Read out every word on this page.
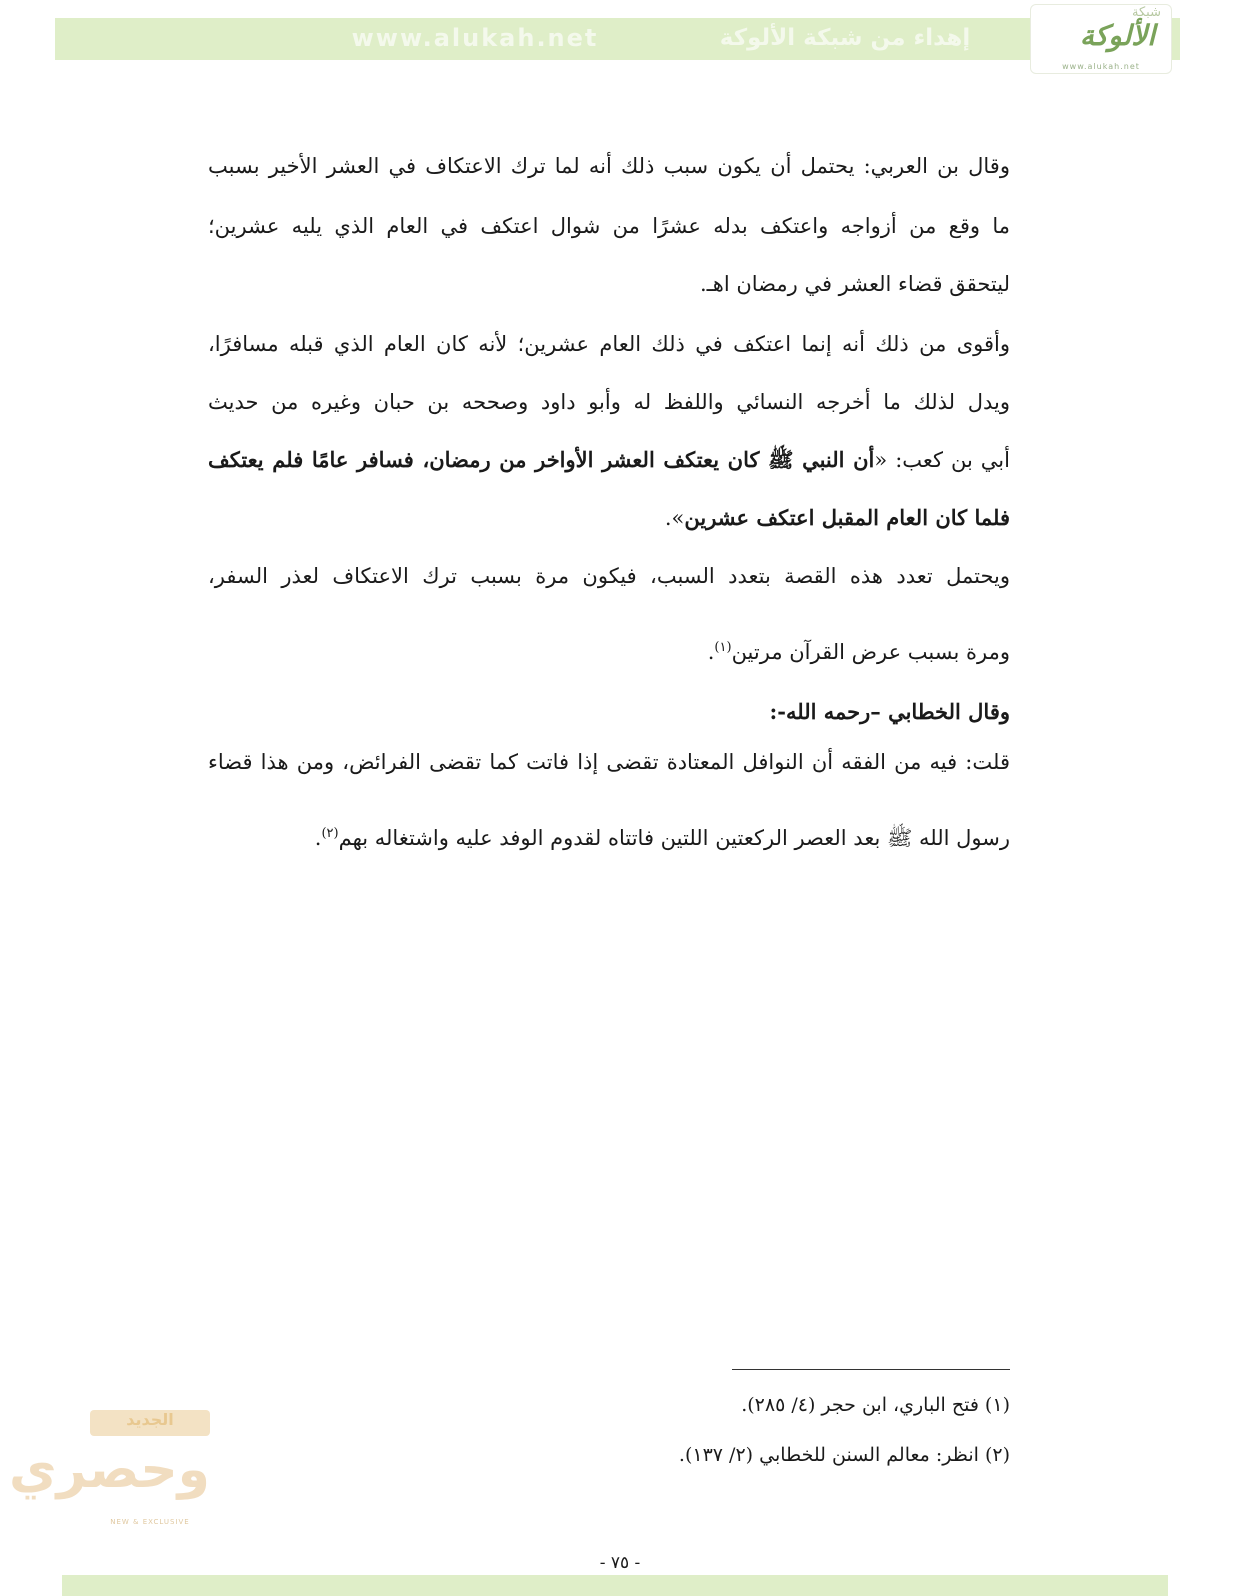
www.alukah.net	إهداء من شبكة الألوكة
شبكة
الألوكة
www.alukah.net
وقال بن العربي: يحتمل أن يكون سبب ذلك أنه لما ترك الاعتكاف في العشر الأخير بسبب
ما وقع من أزواجه واعتكف بدله عشرًا من شوال اعتكف في العام الذي يليه عشرين؛
ليتحقق قضاء العشر في رمضان اهـ.
وأقوى من ذلك أنه إنما اعتكف في ذلك العام عشرين؛ لأنه كان العام الذي قبله مسافرًا،
ويدل لذلك ما أخرجه النسائي واللفظ له وأبو داود وصححه بن حبان وغيره من حديث
أبي بن كعب: «أن النبي ﷺ كان يعتكف العشر الأواخر من رمضان، فسافر عامًا فلم يعتكف
فلما كان العام المقبل اعتكف عشرين».
ويحتمل تعدد هذه القصة بتعدد السبب، فيكون مرة بسبب ترك الاعتكاف لعذر السفر،
ومرة بسبب عرض القرآن مرتين$^{(١)}$.
وقال الخطابي –رحمه الله-:
قلت: فيه من الفقه أن النوافل المعتادة تقضى إذا فاتت كما تقضى الفرائض، ومن هذا قضاء
رسول الله ﷺ بعد العصر الركعتين اللتين فاتتاه لقدوم الوفد عليه واشتغاله بهم$^{(٢)}$.
(١) فتح الباري، ابن حجر (٤/ ٢٨٥).
(٢) انظر: معالم السنن للخطابي (٢/ ١٣٧).
الجديد
وحصري
NEW & EXCLUSIVE
- ٧٥ -
